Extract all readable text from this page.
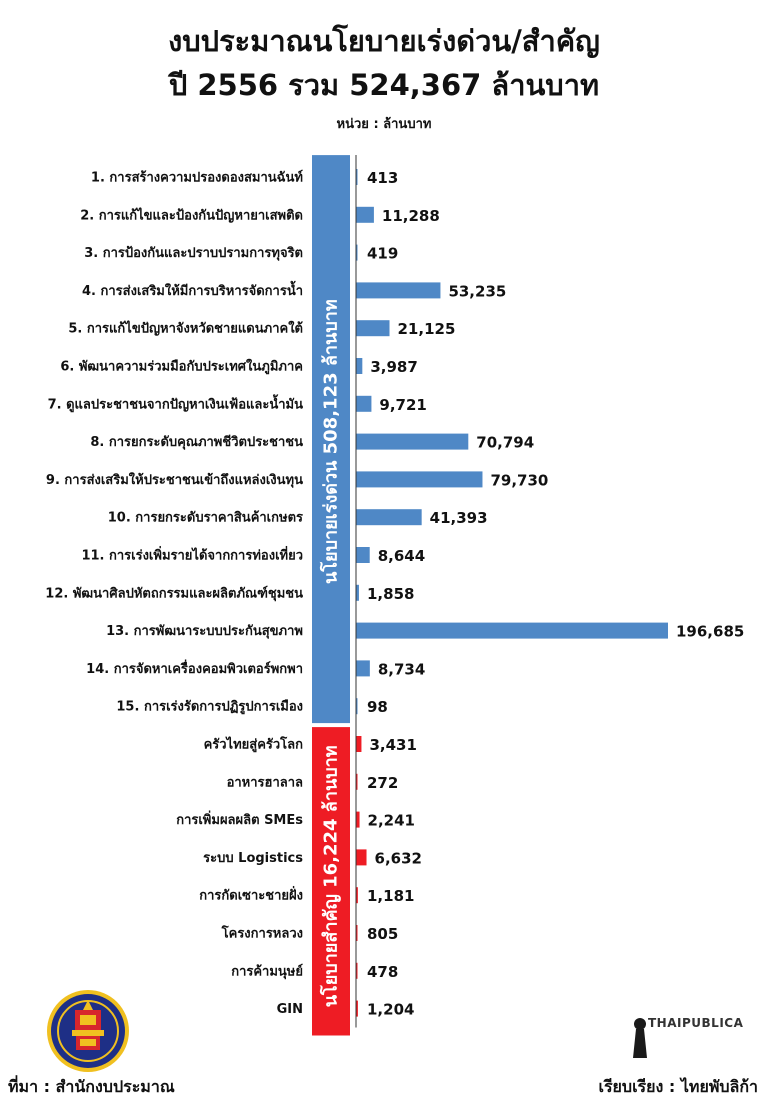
งบประมาณนโยบายเร่งด่วน/สำคัญ
ปี 2556 รวม 524,367 ล้านบาท
หน่วย : ล้านบาท
นโยบายเร่งด่วน 508,123 ล้านบาท
1. การสร้างความปรองดองสมานฉันท์	413
2. การแก้ไขและป้องกันปัญหายาเสพติด	11,288
3. การป้องกันและปราบปรามการทุจริต	419
4. การส่งเสริมให้มีการบริหารจัดการน้ำ	53,235
5. การแก้ไขปัญหาจังหวัดชายแดนภาคใต้	21,125
6. พัฒนาความร่วมมือกับประเทศในภูมิภาค	3,987
7. ดูแลประชาชนจากปัญหาเงินเฟ้อและน้ำมัน	9,721
8. การยกระดับคุณภาพชีวิตประชาชน	70,794
9. การส่งเสริมให้ประชาชนเข้าถึงแหล่งเงินทุน	79,730
10. การยกระดับราคาสินค้าเกษตร	41,393
11. การเร่งเพิ่มรายได้จากการท่องเที่ยว	8,644
12. พัฒนาศิลปหัตถกรรมและผลิตภัณฑ์ชุมชน	1,858
13. การพัฒนาระบบประกันสุขภาพ	196,685
14. การจัดหาเครื่องคอมพิวเตอร์พกพา	8,734
15. การเร่งรัดการปฏิรูปการเมือง	98
นโยบายสำคัญ 16,224 ล้านบาท
ครัวไทยสู่ครัวโลก	3,431
อาหารฮาลาล	272
การเพิ่มผลผลิต SMEs	2,241
ระบบ Logistics	6,632
การกัดเซาะชายฝั่ง	1,181
โครงการหลวง	805
การค้ามนุษย์	478
GIN	1,204
THAIPUBLICA
ที่มา : สำนักงบประมาณ	เรียบเรียง : ไทยพับลิก้า
